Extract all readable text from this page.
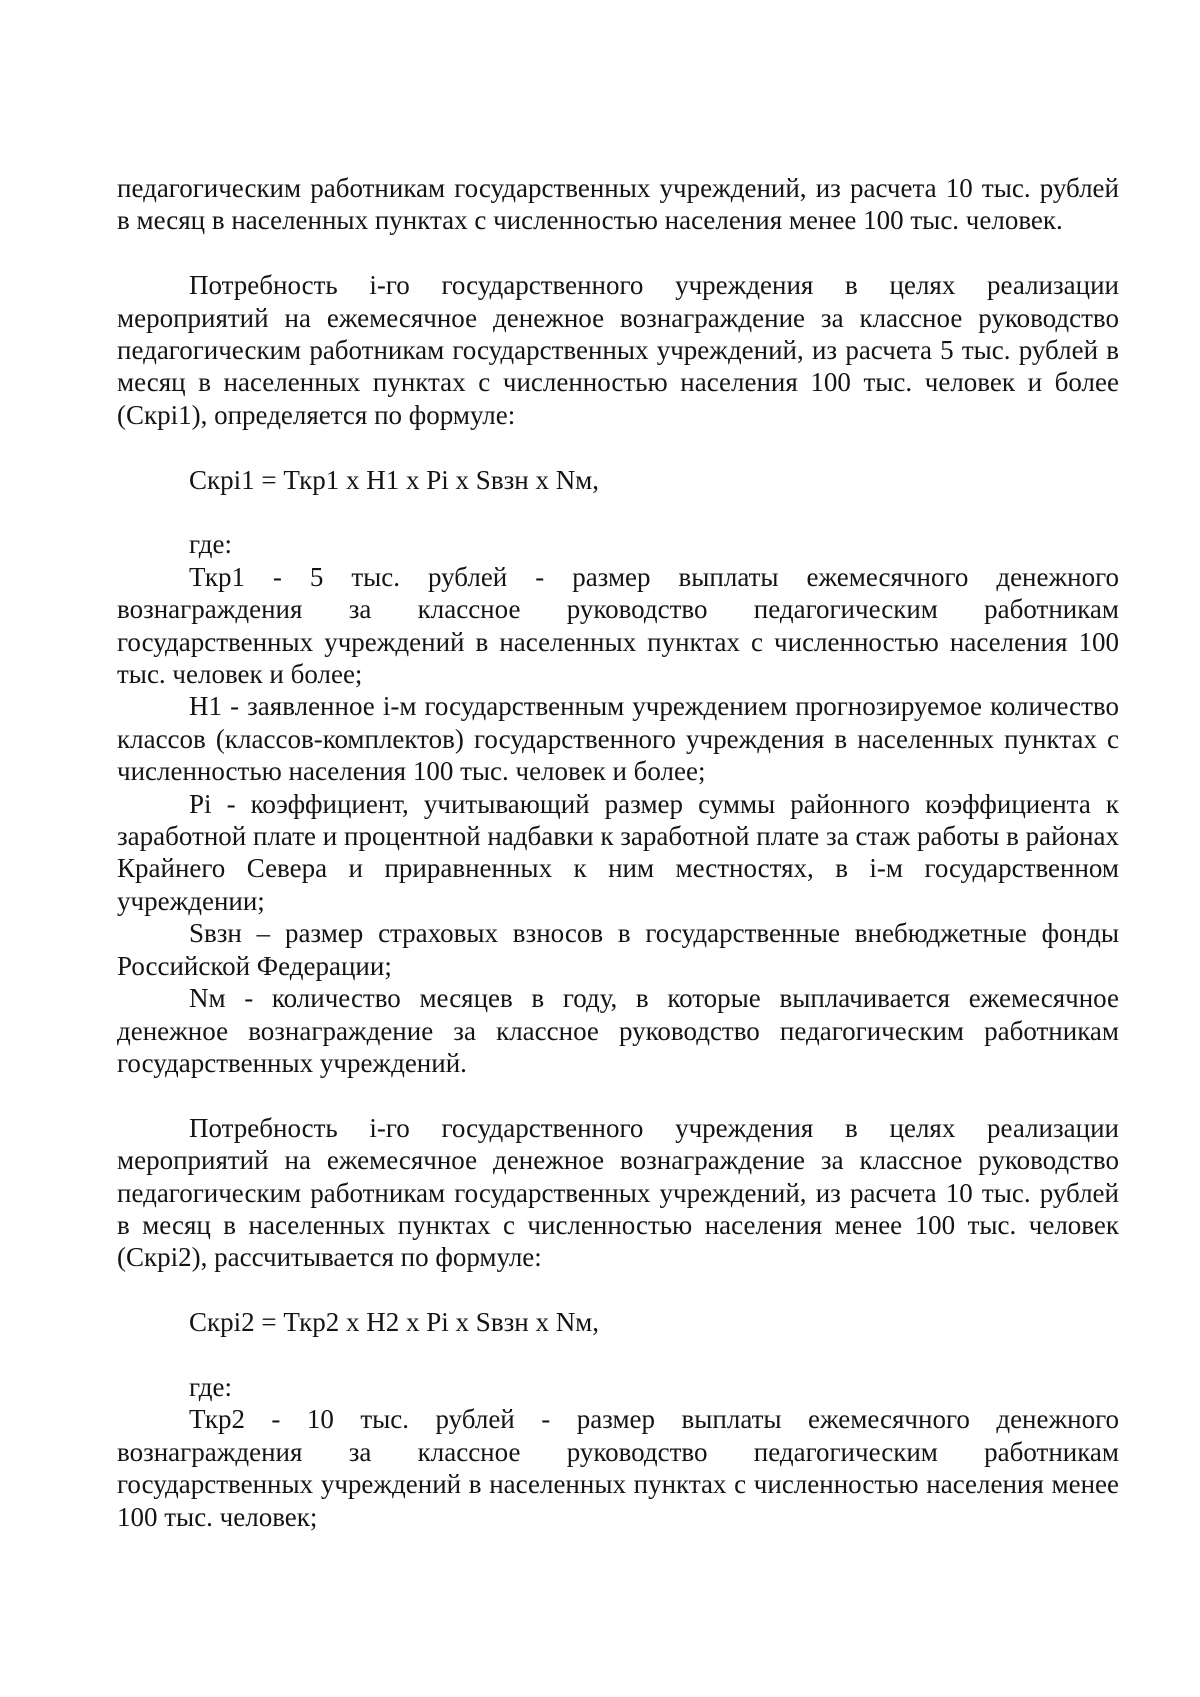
педагогическим работникам государственных учреждений, из расчета 10 тыс. рублей в месяц в населенных пунктах с численностью населения менее 100 тыс. человек.

Потребность i-го государственного учреждения в целях реализации мероприятий на ежемесячное денежное вознаграждение за классное руководство педагогическим работникам государственных учреждений, из расчета 5 тыс. рублей в месяц в населенных пунктах с численностью населения 100 тыс. человек и более (Скрi1), определяется по формуле:

Скрi1 = Ткр1 x H1 x Pi x Sвзн x Nм,

где:

Ткр1 - 5 тыс. рублей - размер выплаты ежемесячного денежного вознаграждения за классное руководство педагогическим работникам государственных учреждений в населенных пунктах с численностью населения 100 тыс. человек и более;

H1 - заявленное i-м государственным учреждением прогнозируемое количество классов (классов-комплектов) государственного учреждения в населенных пунктах с численностью населения 100 тыс. человек и более;

Pi - коэффициент, учитывающий размер суммы районного коэффициента к заработной плате и процентной надбавки к заработной плате за стаж работы в районах Крайнего Севера и приравненных к ним местностях, в i-м государственном учреждении;

Sвзн – размер страховых взносов в государственные внебюджетные фонды Российской Федерации;

Nм - количество месяцев в году, в которые выплачивается ежемесячное денежное вознаграждение за классное руководство педагогическим работникам государственных учреждений.

Потребность i-го государственного учреждения в целях реализации мероприятий на ежемесячное денежное вознаграждение за классное руководство педагогическим работникам государственных учреждений, из расчета 10 тыс. рублей в месяц в населенных пунктах с численностью населения менее 100 тыс. человек (Скрi2), рассчитывается по формуле:

Скрi2 = Ткр2 x H2 x Pi x Sвзн x Nм,

где:

Ткр2 - 10 тыс. рублей - размер выплаты ежемесячного денежного вознаграждения за классное руководство педагогическим работникам государственных учреждений в населенных пунктах с численностью населения менее 100 тыс. человек;
